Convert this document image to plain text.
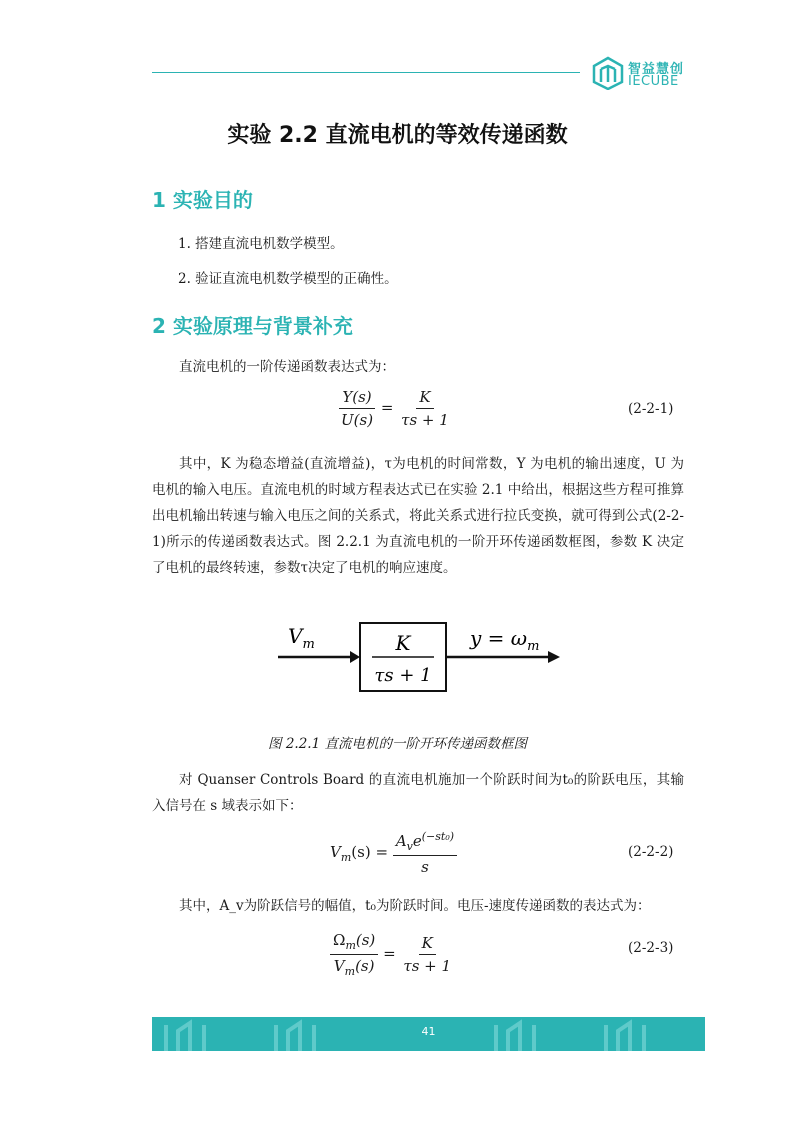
智益慧创
IECUBE
实验 2.2 直流电机的等效传递函数
1 实验目的
1. 搭建直流电机数学模型。
2. 验证直流电机数学模型的正确性。
2 实验原理与背景补充
直流电机的一阶传递函数表达式为：
$\frac{Y(s)}{U(s)} = \frac{K}{\tau s + 1}$	(2-2-1)
其中，K 为稳态增益(直流增益)，τ为电机的时间常数，Y 为电机的输出速度，U 为电机的输入电压。直流电机的时域方程表达式已在实验 2.1 中给出，根据这些方程可推算出电机输出转速与输入电压之间的关系式，将此关系式进行拉氏变换，就可得到公式(2-2-1)所示的传递函数表达式。图 2.2.1 为直流电机的一阶开环传递函数框图，参数 K 决定了电机的最终转速，参数τ决定了电机的响应速度。
$V_m$	K
τs + 1
$y = \omega_m$
图 2.2.1 直流电机的一阶开环传递函数框图
对 Quanser Controls Board 的直流电机施加一个阶跃时间为t₀的阶跃电压，其输入信号在 s 域表示如下：
$V_m(s) = \frac{A_ve^{(-st_0)}}{s}$	(2-2-2)
其中，A_v为阶跃信号的幅值，t₀为阶跃时间。电压-速度传递函数的表达式为：
$\frac{\Omega_m(s)}{V_m(s)} = \frac{K}{\tau s + 1}$	(2-2-3)
41
